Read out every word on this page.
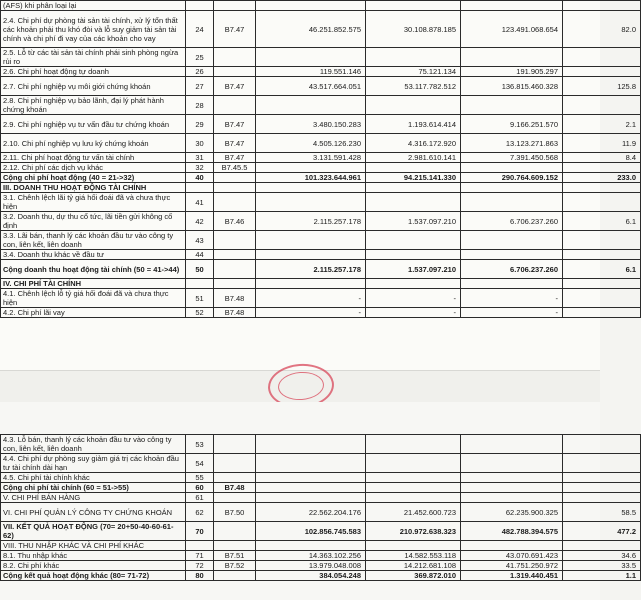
(AFS) khi phân loại lại						
2.4. Chi phí dự phòng tài sản tài chính, xử lý tổn thất các khoản phải thu khó đòi và lỗ suy giảm tài sản tài chính và chi phí đi vay của các khoản cho vay	24	B7.47	46.251.852.575	30.108.878.185	123.491.068.654	82.0
2.5. Lỗ từ các tài sản tài chính phái sinh phòng ngừa rủi ro	25					
2.6. Chi phí hoạt động tự doanh	26		119.551.146	75.121.134	191.905.297	
2.7. Chi phí nghiệp vụ môi giới chứng khoán	27	B7.47	43.517.664.051	53.117.782.512	136.815.460.328	125.8
2.8. Chi phí nghiệp vụ bảo lãnh, đại lý phát hành chứng khoán	28					
2.9. Chi phí nghiệp vụ tư vấn đầu tư chứng khoán	29	B7.47	3.480.150.283	1.193.614.414	9.166.251.570	2.1
2.10. Chi phí nghiệp vụ lưu ký chứng khoán	30	B7.47	4.505.126.230	4.316.172.920	13.123.271.863	11.9
2.11. Chi phí hoạt động tư vấn tài chính	31	B7.47	3.131.591.428	2.981.610.141	7.391.450.568	8.4
2.12. Chi phí các dịch vụ khác	32	B7.45.5				
Cộng chi phí hoạt động (40 = 21->32)	40		101.323.644.961	94.215.141.330	290.764.609.152	233.0
III. DOANH THU HOẠT ĐỘNG TÀI CHÍNH						
3.1. Chênh lệch lãi tỷ giá hối đoái đã và chưa thực hiện	41					
3.2. Doanh thu, dự thu cổ tức, lãi tiền gửi không cố định	42	B7.46	2.115.257.178	1.537.097.210	6.706.237.260	6.1
3.3. Lãi bán, thanh lý các khoản đầu tư vào công ty con, liên kết, liên doanh	43					
3.4. Doanh thu khác về đầu tư	44					
Cộng doanh thu hoạt động tài chính (50 = 41->44)	50		2.115.257.178	1.537.097.210	6.706.237.260	6.1
IV. CHI PHÍ TÀI CHÍNH						
4.1. Chênh lệch lỗ tỷ giá hối đoái đã và chưa thực hiện	51	B7.48	-	-	-	
4.2. Chi phí lãi vay	52	B7.48	-	-	-	
4.3. Lỗ bán, thanh lý các khoản đầu tư vào công ty con, liên kết, liên doanh	53					
4.4. Chi phí dự phòng suy giảm giá trị các khoản đầu tư tài chính dài hạn	54					
4.5. Chi phí tài chính khác	55					
Cộng chi phí tài chính (60 = 51->55)	60	B7.48				
V. CHI PHÍ BÁN HÀNG	61					
VI. CHI PHÍ QUẢN LÝ CÔNG TY CHỨNG KHOÁN	62	B7.50	22.562.204.176	21.452.600.723	62.235.900.325	58.5
VII. KẾT QUẢ HOẠT ĐỘNG (70= 20+50-40-60-61-62)	70		102.856.745.583	210.972.638.323	482.788.394.575	477.2
VIII. THU NHẬP KHÁC VÀ CHI PHÍ KHÁC						
8.1. Thu nhập khác	71	B7.51	14.363.102.256	14.582.553.118	43.070.691.423	34.6
8.2. Chi phí khác	72	B7.52	13.979.048.008	14.212.681.108	41.751.250.972	33.5
Cộng kết quả hoạt động khác (80= 71-72)	80		384.054.248	369.872.010	1.319.440.451	1.1
